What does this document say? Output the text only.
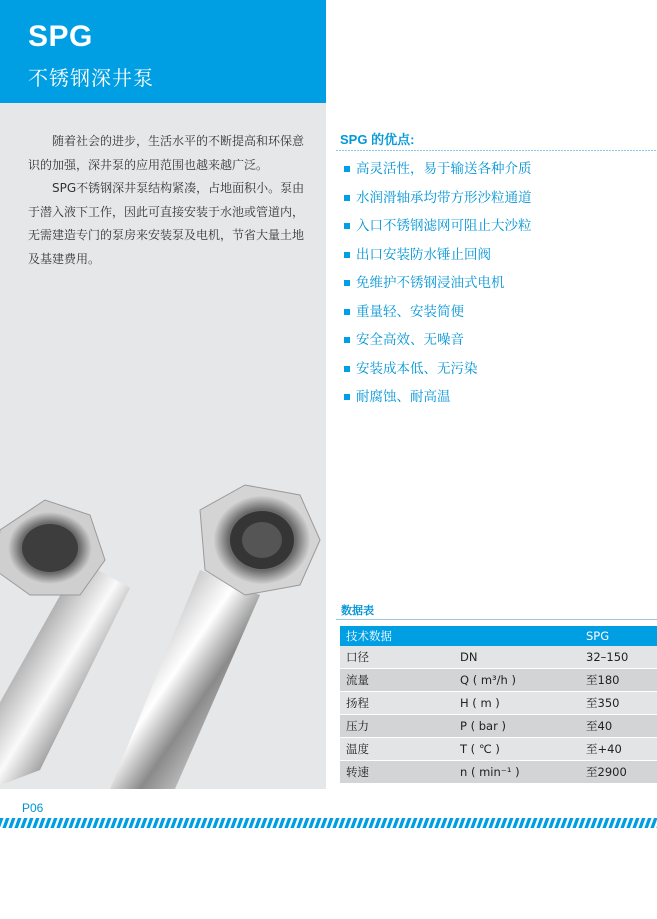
SPG
不锈钢深井泵

随着社会的进步，生活水平的不断提高和环保意识的加强，深井泵的应用范围也越来越广泛。

SPG不锈钢深井泵结构紧凑，占地面积小。泵由于潜入液下工作，因此可直接安装于水池或管道内，无需建造专门的泵房来安装泵及电机，节省大量土地及基建费用。

SPG 的优点:
高灵活性，易于输送各种介质
水润滑轴承均带方形沙粒通道
入口不锈钢滤网可阻止大沙粒
出口安装防水锤止回阀
免维护不锈钢浸油式电机
重量轻、安装简便
安全高效、无噪音
安装成本低、无污染
耐腐蚀、耐高温
数据表
技术数据		SPG
口径	DN	32–150
流量	Q ( m³/h )	至180
扬程	H ( m )	至350
压力	P ( bar )	至40
温度	T ( ℃ )	至+40
转速	n ( min⁻¹ )	至2900
P06
